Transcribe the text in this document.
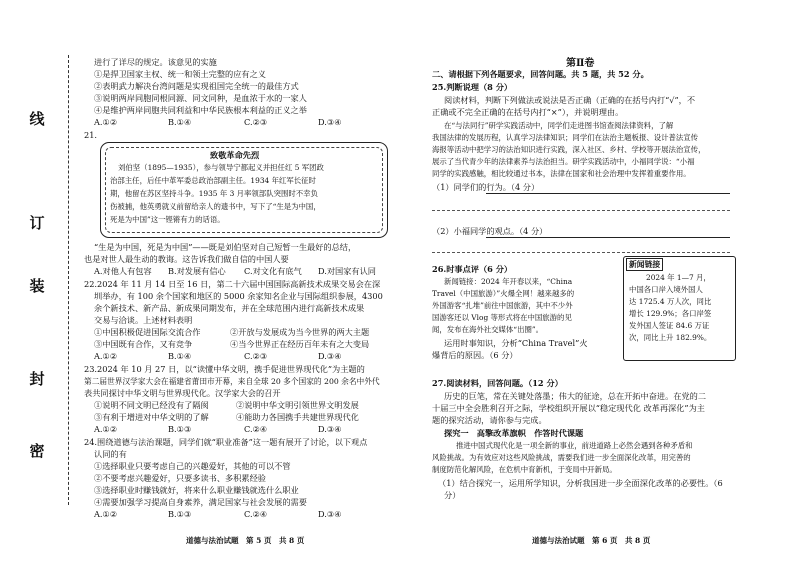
线
订
装
封
密
进行了详尽的规定。该意见的实施
①是捍卫国家主权、统一和领土完整的应有之义
②表明武力解决台湾问题是实现祖国完全统一的最佳方式
③说明两岸同胞同根同源、同文同种，是血浓于水的一家人
④是维护两岸同胞共同利益和中华民族根本利益的正义之举
A.①②	B.①④	C.②③	D.③④
21.
致敬革命先烈
刘伯坚（1895—1935），参与领导宁都起义并担任红 5 军团政
治部主任，后任中革军委总政治部副主任。1934 年红军长征时
期，他留在苏区坚持斗争。1935 年 3 月率领部队突围时不幸负
伤被捕，他英勇就义前留给亲人的遗书中，写下了“生是为中国，
死是为中国”这一铿锵有力的话语。
“生是为中国，死是为中国”——既是刘伯坚对自己短暂一生最好的总结，
也是对世人最生动的教诲。这告诉我们做自信的中国人要
A.对他人有包容 B.对发展有信心 C.对文化有底气 D.对国家有认同
22.2024 年 11 月 14 日至 16 日，第二十六届中国国际高新技术成果交易会在深
圳举办，有 100 余个国家和地区的 5000 余家知名企业与国际组织参展，4300
余个新技术、新产品、新成果同期发布，并在全球范围内进行高新技术成果
交易与洽谈。上述材料表明
①中国积极促进国际交流合作	②开放与发展成为当今世界的两大主题
③中国既有合作，又有竞争	④当今世界正在经历百年未有之大变局
A.①②	B.①④	C.②③	D.③④
23.2024 年 10 月 27 日，以“读懂中华文明，携手促进世界现代化”为主题的
第二届世界汉学家大会在福建省莆田市开幕，来自全球 20 多个国家的 200 余名中外代
表共同探讨中华文明与世界现代化。汉学家大会的召开
①说明不同文明已经没有了隔阂	②说明中华文明引领世界文明发展
③有利于增进对中华文明的了解	④能助力各国携手共建世界现代化
A.①②	B.①③	C.②④	D.③④
24.围绕道德与法治课题，同学们就“职业准备”这一题有展开了讨论，以下观点
认同的有
①选择职业只要考虑自己的兴趣爱好，其他的可以不管
②不要考虑兴趣爱好，只要多读书、多积累经验
③选择职业时赚钱就好，将来什么职业赚钱就选什么职业
④需要加强学习提高自身素养，满足国家与社会发展的需要
A.①②	B.①③	C.②④	D.③④
道德与法治试题　第 5 页　共 8 页
第Ⅱ卷
二、请根据下列各题要求，回答问题。共 5 题，共 52 分。
25.判断说理（8 分）
阅读材料，判断下列做法或说法是否正确（正确的在括号内打“√”，不
正确或不完全正确的在括号内打“×”），并说明理由。
在“与法同行”研学实践活动中，同学们走进图书馆查阅法律资料，了解
我国法律的发展历程，认真学习法律知识；同学们在法治主题板报、设计普法宣传
海报等活动中把学习的法治知识进行实践，深入社区、乡村、学校等开展法治宣传，
展示了当代青少年的法律素养与法治担当。研学实践活动中，小福同学说：“小福
同学的实践感触，相比较通过书本，法律在国家和社会治理中发挥着重要作用。
（1）同学们的行为。（4 分）
（2）小福同学的观点。（4 分）
26.时事点评（6 分）
新闻链接：2024 年开春以来，“China
Travel（中国旅游）”火爆全网！越来越多的
外国游客“扎堆”前往中国旅游，其中不少外
国游客还以 Vlog 等形式将在中国旅游的见
闻，发布在海外社交媒体“出圈”。
运用时事知识，分析“China Travel”火
爆背后的原因。（6 分）
新闻链接
2024 年 1—7 月，
中国各口岸入境外国人
达 1725.4 万人次，同比
增长 129.9%；各口岸签
发外国人签证 84.6 万证
次，同比上升 182.9%。
27.阅读材料，回答问题。（12 分）
历史的巨笔，常在关键处落墨；伟大的征途，总在开拓中奋进。在党的二
十届三中全会胜利召开之际，学校组织开展以“稳定现代化 改革再深化”为主
题的探究活动，请你参与完成。
探究一　高擎改革旗帜　作答时代课题
推进中国式现代化是一项全新的事业，前进道路上必然会遇到各种矛盾和
风险挑战。为有效应对这些风险挑战，需要我们进一步全面深化改革，用完善的
制度防范化解风险，在危机中育新机，于变局中开新局。
（1）结合探究一，运用所学知识，分析我国进一步全面深化改革的必要性。（6
分）
道德与法治试题　第 6 页　共 8 页
